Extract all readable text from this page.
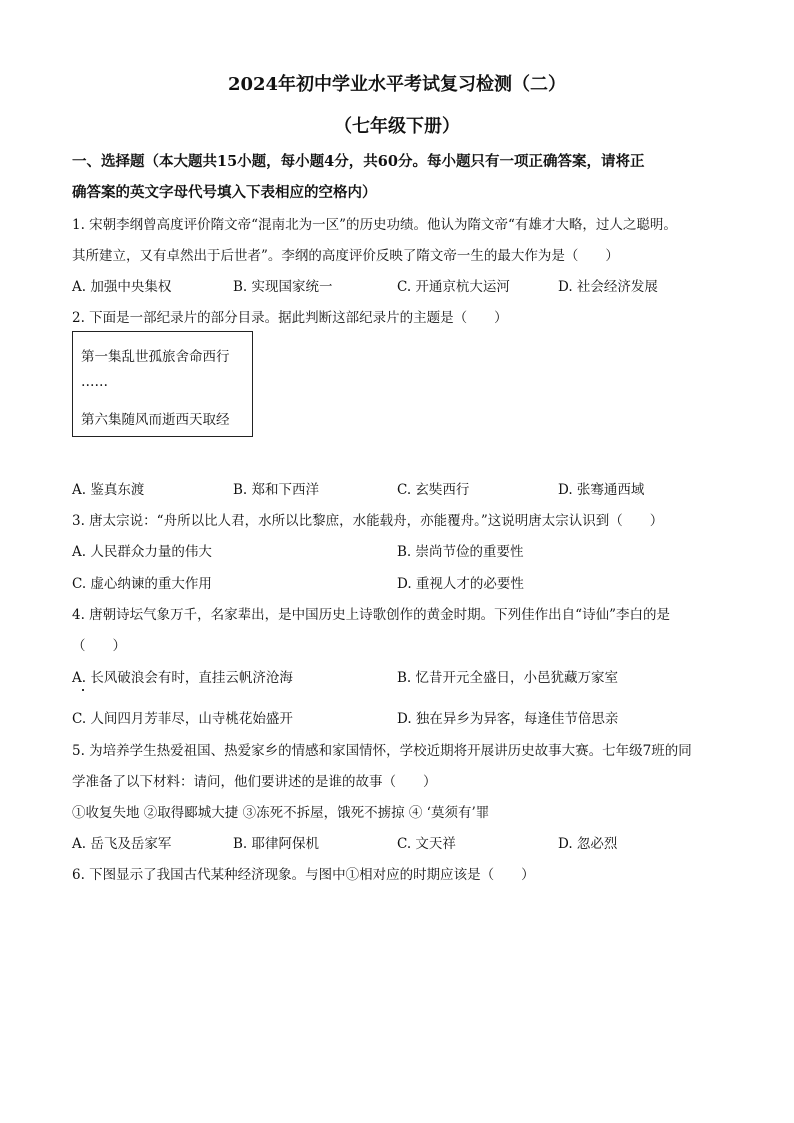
2024年初中学业水平考试复习检测（二）
（七年级下册）
一、选择题（本大题共15小题，每小题4分，共60分。每小题只有一项正确答案，请将正
确答案的英文字母代号填入下表相应的空格内）
1. 宋朝李纲曾高度评价隋文帝“混南北为一区”的历史功绩。他认为隋文帝“有雄才大略，过人之聪明。
其所建立，又有卓然出于后世者”。李纲的高度评价反映了隋文帝一生的最大作为是（　　）
A. 加强中央集权	B. 实现国家统一	C. 开通京杭大运河	D. 社会经济发展
2. 下面是一部纪录片的部分目录。据此判断这部纪录片的主题是（　　）
第一集乱世孤旅舍命西行
……
第六集随风而逝西天取经
A. 鉴真东渡	B. 郑和下西洋	C. 玄奘西行	D. 张骞通西域
3. 唐太宗说：“舟所以比人君，水所以比黎庶，水能载舟，亦能覆舟。”这说明唐太宗认识到（　　）
A. 人民群众力量的伟大	B. 崇尚节俭的重要性
C. 虚心纳谏的重大作用	D. 重视人才的必要性
4. 唐朝诗坛气象万千，名家辈出，是中国历史上诗歌创作的黄金时期。下列佳作出自“诗仙”李白的是
（　　）
A. 长风破浪会有时，直挂云帆济沧海	B. 忆昔开元全盛日，小邑犹藏万家室
C. 人间四月芳菲尽，山寺桃花始盛开	D. 独在异乡为异客，每逢佳节倍思亲
5. 为培养学生热爱祖国、热爱家乡的情感和家国情怀，学校近期将开展讲历史故事大赛。七年级7班的同
学准备了以下材料：请问，他们要讲述的是谁的故事（　　）
①收复失地 ②取得郾城大捷 ③冻死不拆屋，饿死不掳掠 ④ ‘莫须有’罪
A. 岳飞及岳家军	B. 耶律阿保机	C. 文天祥	D. 忽必烈
6. 下图显示了我国古代某种经济现象。与图中①相对应的时期应该是（　　）
